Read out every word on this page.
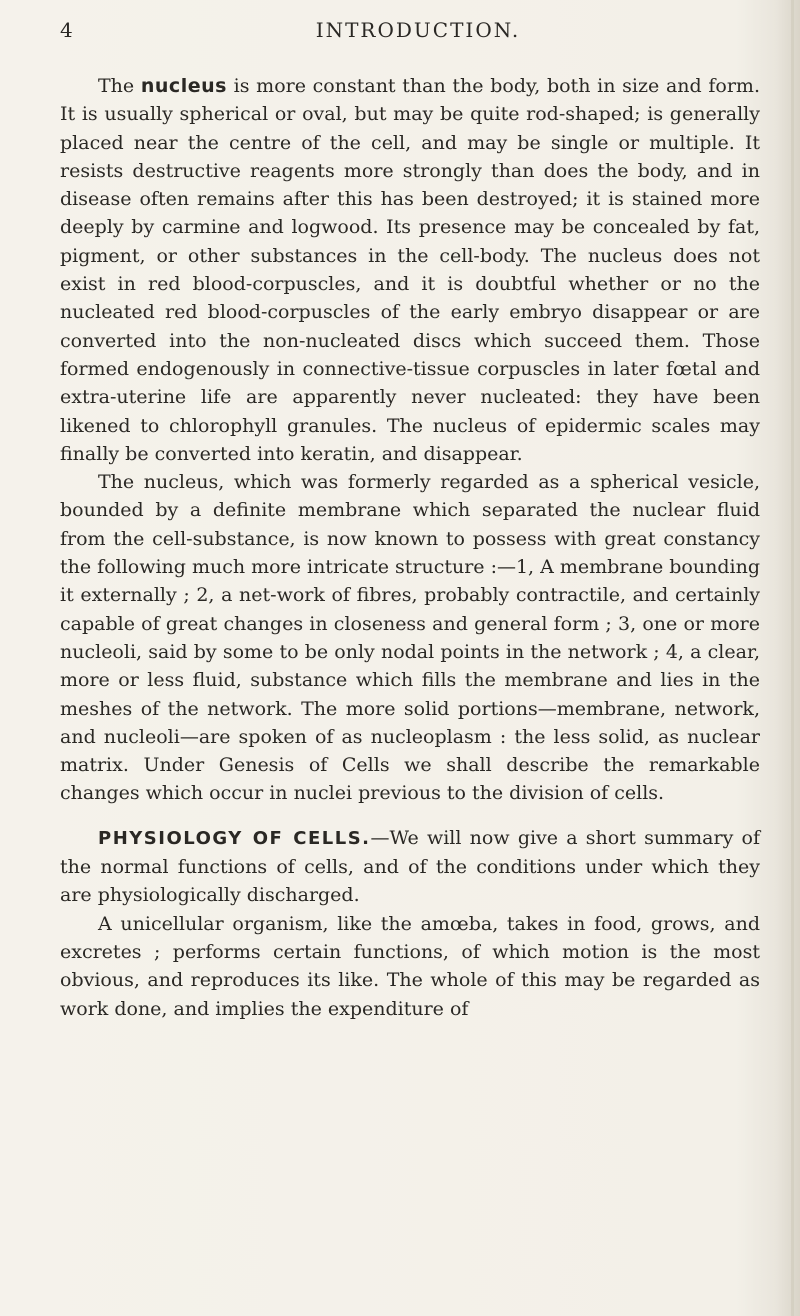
INTRODUCTION.
4

The nucleus is more constant than the body, both in size and form. It is usually spherical or oval, but may be quite rod-shaped; is generally placed near the centre of the cell, and may be single or multiple. It resists destructive reagents more strongly than does the body, and in disease often remains after this has been destroyed; it is stained more deeply by carmine and logwood. Its presence may be concealed by fat, pigment, or other substances in the cell-body. The nucleus does not exist in red blood-corpuscles, and it is doubtful whether or no the nucleated red blood-corpuscles of the early embryo disappear or are converted into the non-nucleated discs which succeed them. Those formed endogenously in connective-tissue corpuscles in later fœtal and extra-uterine life are apparently never nucleated: they have been likened to chlorophyll granules. The nucleus of epidermic scales may finally be converted into keratin, and disappear.

The nucleus, which was formerly regarded as a spherical vesicle, bounded by a definite membrane which separated the nuclear fluid from the cell-substance, is now known to possess with great constancy the following much more intricate structure :—1, A membrane bounding it externally ; 2, a net-work of fibres, probably contractile, and certainly capable of great changes in closeness and general form ; 3, one or more nucleoli, said by some to be only nodal points in the network ; 4, a clear, more or less fluid, substance which fills the membrane and lies in the meshes of the network. The more solid portions—membrane, network, and nucleoli—are spoken of as nucleoplasm : the less solid, as nuclear matrix. Under Genesis of Cells we shall describe the remarkable changes which occur in nuclei previous to the division of cells.

PHYSIOLOGY OF CELLS.—We will now give a short summary of the normal functions of cells, and of the conditions under which they are physiologically discharged.

A unicellular organism, like the amœba, takes in food, grows, and excretes ; performs certain functions, of which motion is the most obvious, and reproduces its like. The whole of this may be regarded as work done, and implies the expenditure of
